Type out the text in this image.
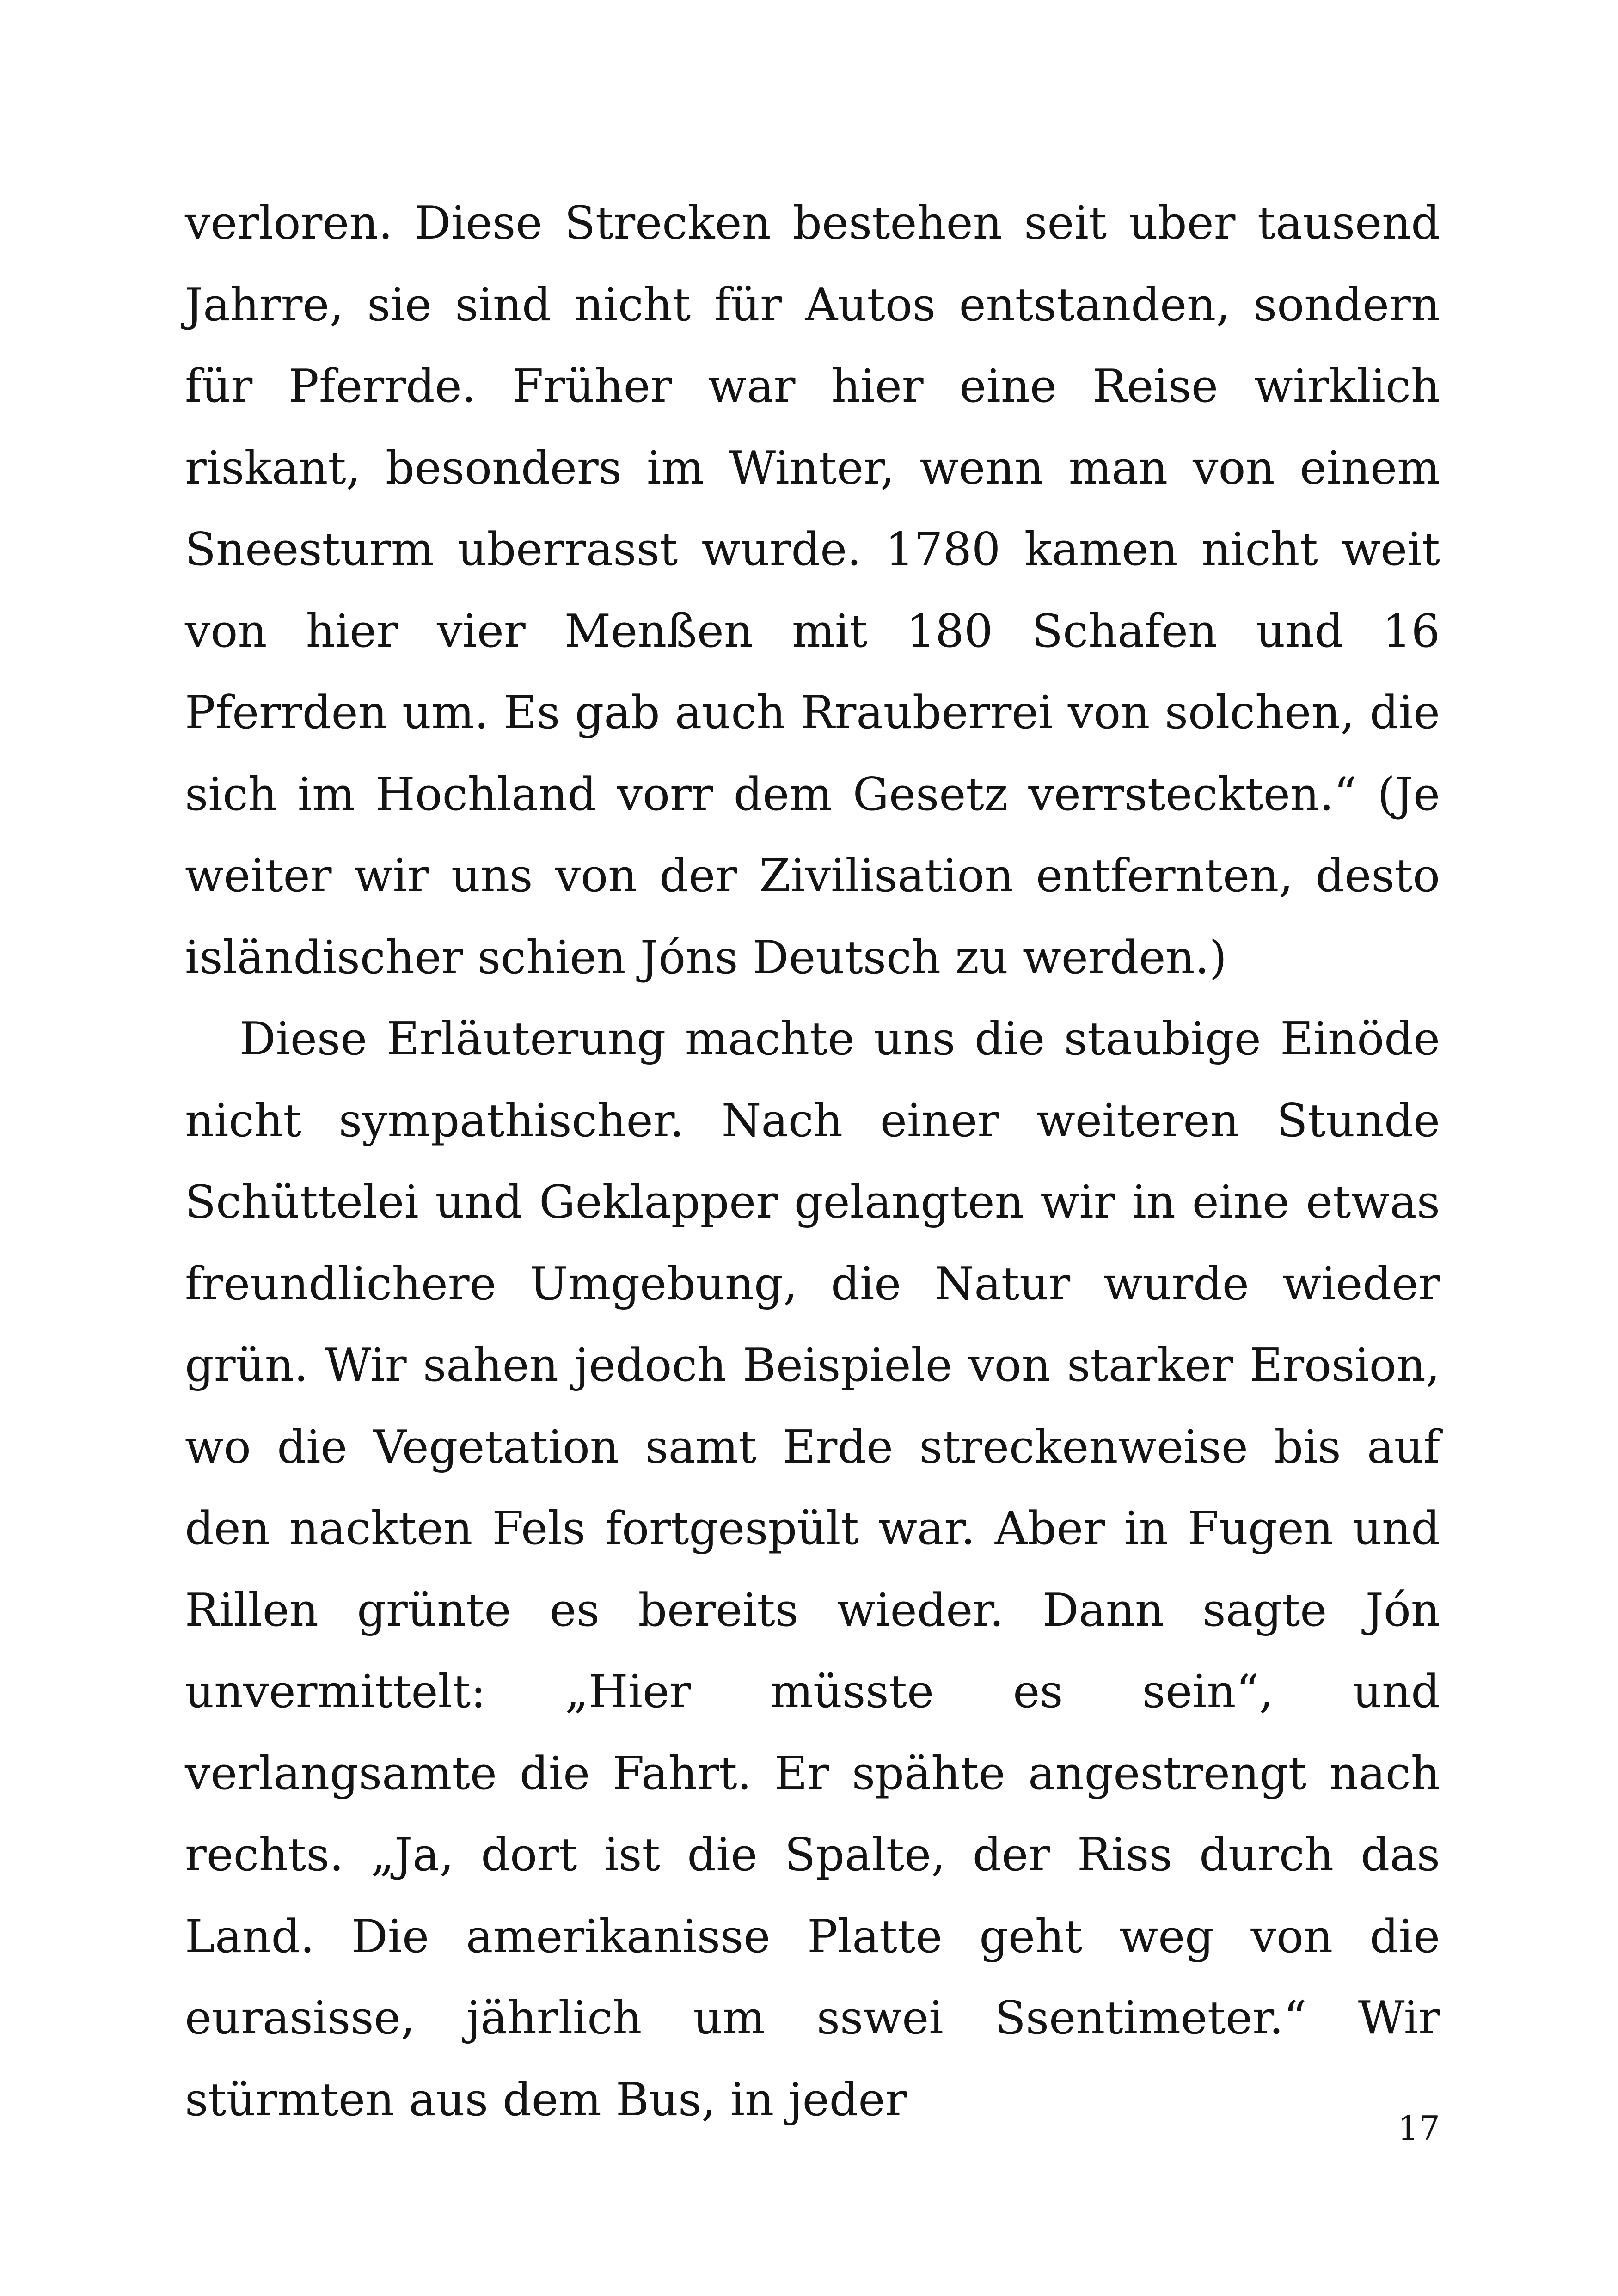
verloren. Diese Strecken bestehen seit uber tausend Jahrre, sie sind nicht für Autos entstanden, sondern für Pferrde. Früher war hier eine Reise wirklich riskant, besonders im Winter, wenn man von einem Sneesturm uberrasst wurde. 1780 kamen nicht weit von hier vier Menßen mit 180 Schafen und 16 Pferrden um. Es gab auch Rrauberrei von solchen, die sich im Hochland vorr dem Gesetz verrsteckten.“ (Je weiter wir uns von der Zivilisation entfernten, desto isländischer schien Jóns Deutsch zu werden.)

Diese Erläuterung machte uns die staubige Einöde nicht sympathischer. Nach einer weiteren Stunde Schüttelei und Geklapper gelangten wir in eine etwas freundlichere Umgebung, die Natur wurde wieder grün. Wir sahen jedoch Beispiele von starker Erosion, wo die Vegetation samt Erde streckenweise bis auf den nackten Fels fortgespült war. Aber in Fugen und Rillen grünte es bereits wieder. Dann sagte Jón unvermittelt: „Hier müsste es sein“, und verlangsamte die Fahrt. Er spähte angestrengt nach rechts. „Ja, dort ist die Spalte, der Riss durch das Land. Die amerikanisse Platte geht weg von die eurasisse, jährlich um sswei Ssentimeter.“ Wir stürmten aus dem Bus, in jeder

17
